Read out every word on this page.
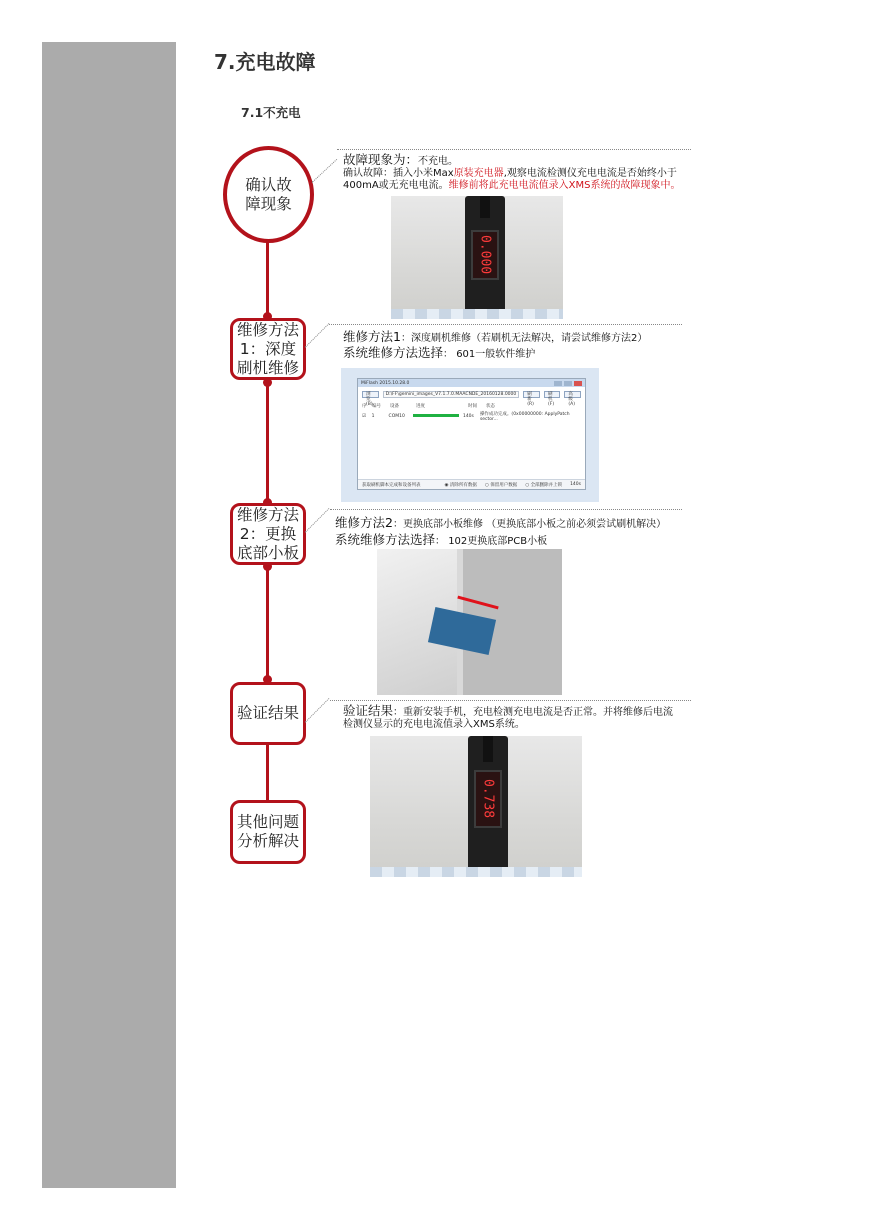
7.充电故障
7.1不充电
确认故
障现象
维修方法
1：深度
刷机维修
维修方法
2：更换
底部小板
验证结果
其他问题
分析解决
故障现象为：不充电。
确认故障：插入小米Max原装充电器,观察电流检测仪充电电流是否始终小于
400mA或无充电电流。维修前将此充电电流值录入XMS系统的故障现象中。
0.000
维修方法1：深度刷机维修（若刷机无法解决，请尝试维修方法2）
系统维修方法选择： 601一般软件维护
MiFlash 2015.10.28.0
浏览(B)
D:\FF\gemini_images_V7.1.7.0.MAACNDE_20160128.0000	刷新(R)
刷机(F)
高级(A)
序	编号	设备	进度	时间	状态
☑	1	COM10	140s	操作成功完成。(0x00000000: ApplyPatch sector...
获取刷机脚本完成和设备列表	◉ 清除所有数据 ○ 保留用户数据 ○ 全部删除并上锁 140s
维修方法2：更换底部小板维修 （更换底部小板之前必须尝试刷机解决）
系统维修方法选择： 102更换底部PCB小板
验证结果：重新安装手机，充电检测充电电流是否正常。并将维修后电流
检测仪显示的充电电流值录入XMS系统。
0.738
